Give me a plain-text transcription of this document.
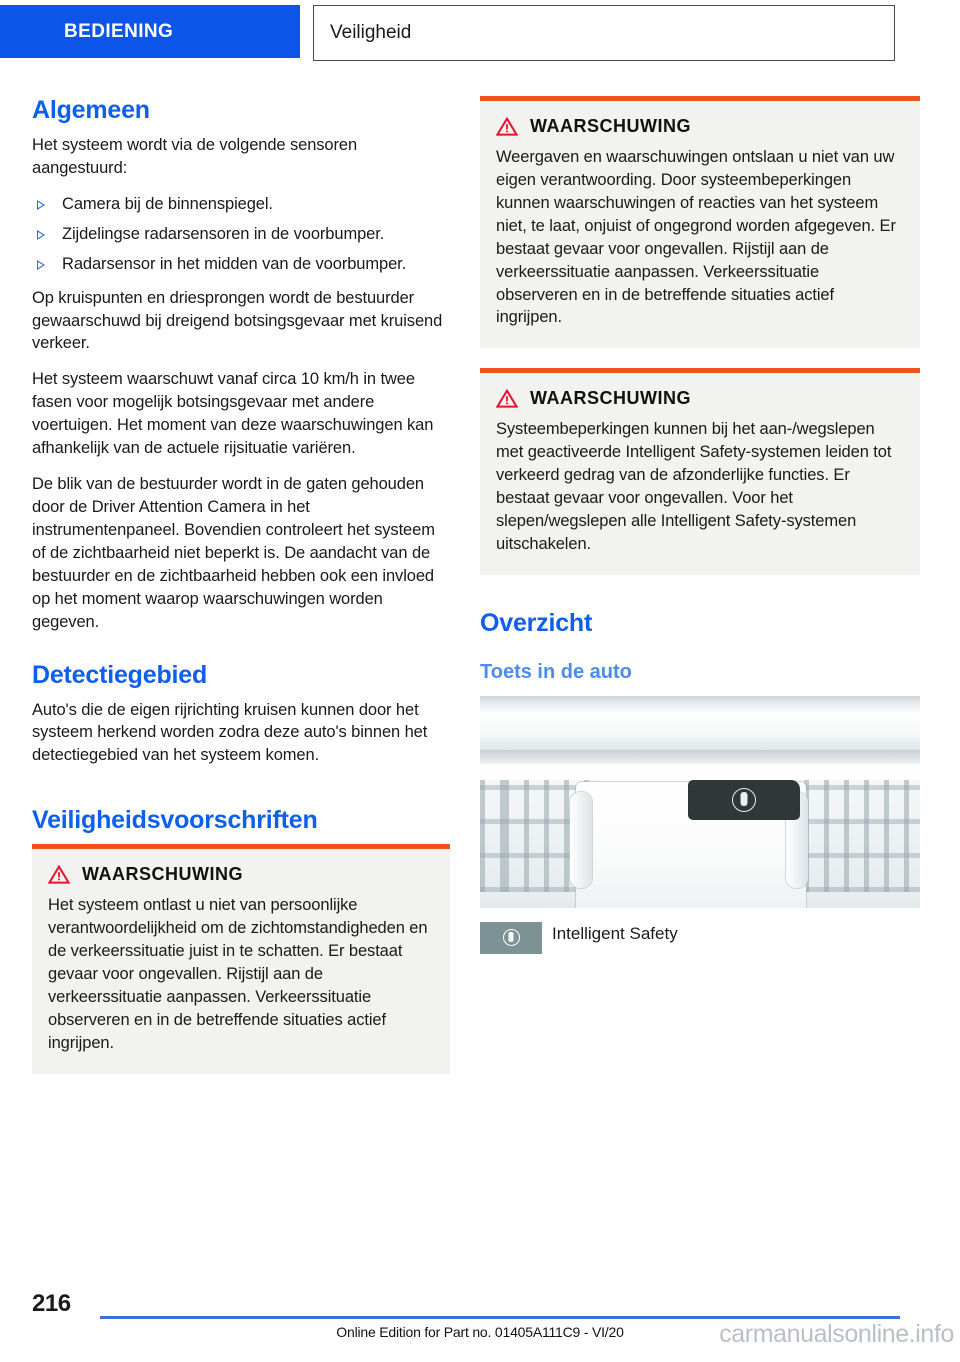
BEDIENING	Veiligheid
Algemeen

Het systeem wordt via de volgende sensoren aangestuurd:

Camera bij de binnenspiegel.
Zijdelingse radarsensoren in de voorbumper.
Radarsensor in het midden van de voorbumper.

Op kruispunten en driesprongen wordt de bestuurder gewaarschuwd bij dreigend botsingsgevaar met kruisend verkeer.

Het systeem waarschuwt vanaf circa 10 km/h in twee fasen voor mogelijk botsingsgevaar met andere voertuigen. Het moment van deze waarschuwingen kan afhankelijk van de actuele rijsituatie variëren.

De blik van de bestuurder wordt in de gaten gehouden door de Driver Attention Camera in het instrumentenpaneel. Bovendien controleert het systeem of de zichtbaarheid niet beperkt is. De aandacht van de bestuurder en de zichtbaarheid hebben ook een invloed op het moment waarop waarschuwingen worden gegeven.

Detectiegebied

Auto's die de eigen rijrichting kruisen kunnen door het systeem herkend worden zodra deze auto's binnen het detectiegebied van het systeem komen.

Veiligheidsvoorschriften
WAARSCHUWING

Het systeem ontlast u niet van persoonlijke verantwoordelijkheid om de zichtomstandigheden en de verkeerssituatie juist in te schatten. Er bestaat gevaar voor ongevallen. Rijstijl aan de verkeerssituatie aanpassen. Verkeerssituatie observeren en in de betreffende situaties actief ingrijpen.

WAARSCHUWING

Weergaven en waarschuwingen ontslaan u niet van uw eigen verantwoording. Door systeembeperkingen kunnen waarschuwingen of reacties van het systeem niet, te laat, onjuist of ongegrond worden afgegeven. Er bestaat gevaar voor ongevallen. Rijstijl aan de verkeerssituatie aanpassen. Verkeerssituatie observeren en in de betreffende situaties actief ingrijpen.

WAARSCHUWING

Systeembeperkingen kunnen bij het aan-/wegslepen met geactiveerde Intelligent Safety-systemen leiden tot verkeerd gedrag van de afzonderlijke functies. Er bestaat gevaar voor ongevallen. Voor het slepen/wegslepen alle Intelligent Safety-systemen uitschakelen.

Overzicht
Toets in de auto
Intelligent Safety
216
Online Edition for Part no. 01405A111C9 - VI/20	carmanualsonline.info
